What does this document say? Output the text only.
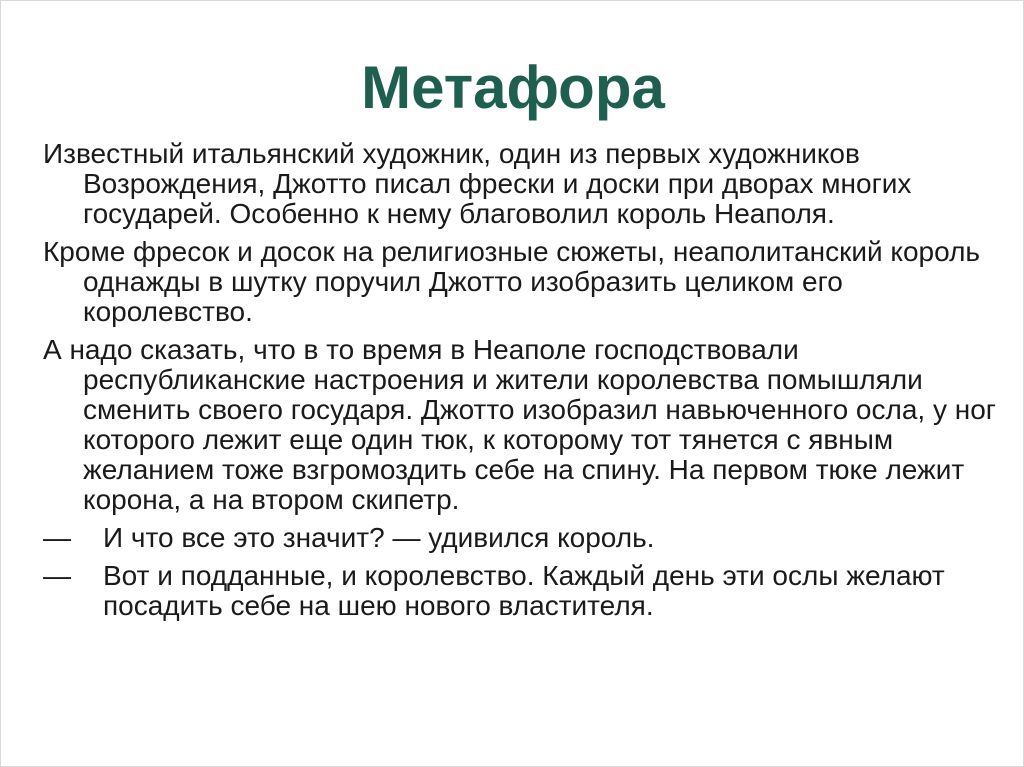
Метафора

Известный итальянский художник, один из первых художников Возрождения, Джотто писал фрески и доски при дворах многих государей. Особенно к нему благоволил король Неаполя.

Кроме фресок и досок на религиозные сюжеты, неаполитанский король однажды в шутку поручил Джотто изобразить целиком его королевство.

А надо сказать, что в то время в Неаполе господствовали республиканские настроения и жители королевства помышляли сменить своего государя. Джотто изобразил навьюченного осла, у ног которого лежит еще один тюк, к которому тот тянется с явным желанием тоже взгромоздить себе на спину. На первом тюке лежит корона, а на втором скипетр.

—	И что все это значит? — удивился король.
—	Вот и подданные, и королевство. Каждый день эти ослы желают посадить себе на шею нового властителя.
